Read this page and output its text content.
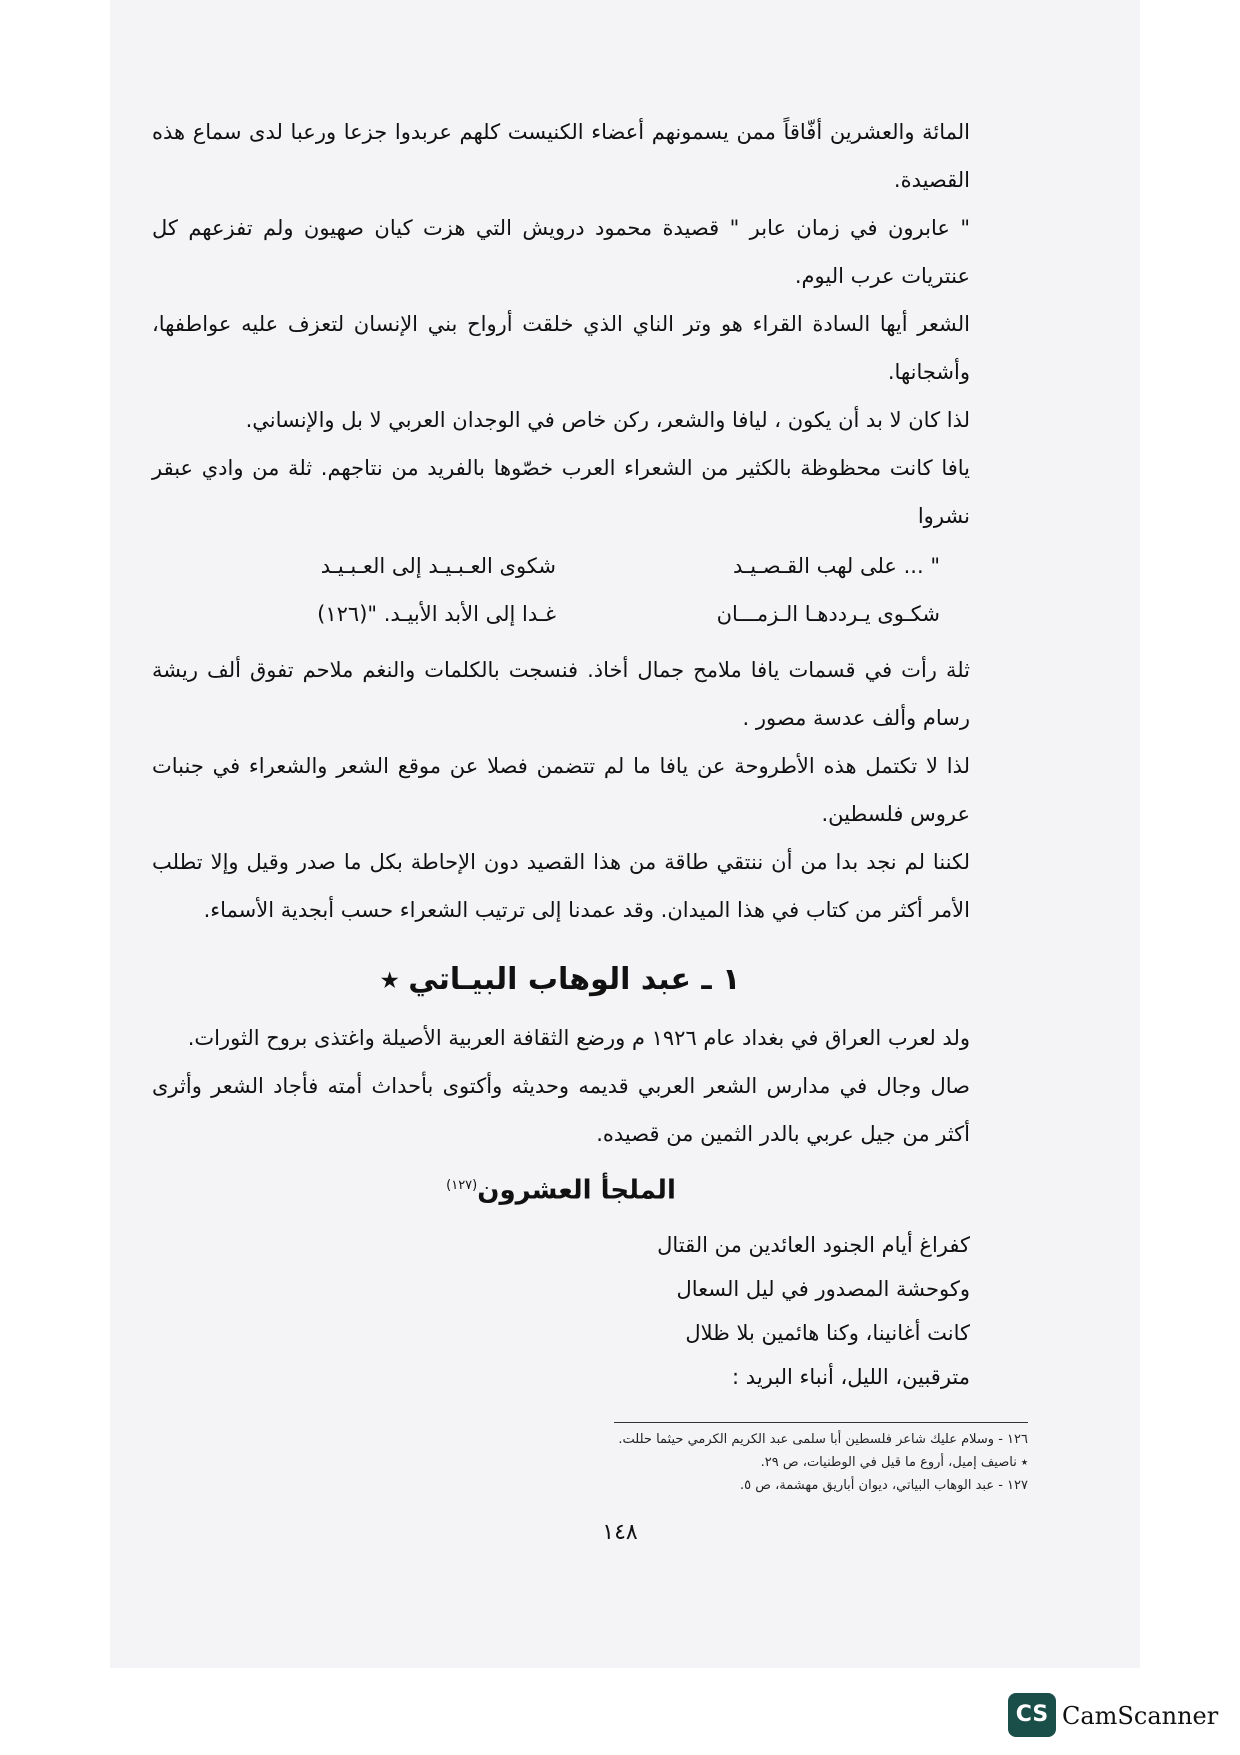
المائة والعشرين أفّاقاً ممن يسمونهم أعضاء الكنيست كلهم عربدوا جزعا ورعبا لدى سماع هذه القصيدة.

" عابرون في زمان عابر " قصيدة محمود درويش التي هزت كيان صهيون ولم تفزعهم كل عنتريات عرب اليوم.

الشعر أيها السادة القراء هو وتر الناي الذي خلقت أرواح بني الإنسان لتعزف عليه عواطفها، وأشجانها.

لذا كان لا بد أن يكون ، ليافا والشعر، ركن خاص في الوجدان العربي لا بل والإنساني.

يافا كانت محظوظة بالكثير من الشعراء العرب خصّوها بالفريد من نتاجهم. ثلة من وادي عبقر نشروا

" ... على لهب القـصـيـد
شكوى العـبـيـد إلى العـبـيـد
شكـوى يـرددهـا الـزمـــان
غـدا إلى الأبد الأبيـد. "(١٢٦)

ثلة رأت في قسمات يافا ملامح جمال أخاذ. فنسجت بالكلمات والنغم ملاحم تفوق ألف ريشة رسام وألف عدسة مصور .

لذا لا تكتمل هذه الأطروحة عن يافا ما لم تتضمن فصلا عن موقع الشعر والشعراء في جنبات عروس فلسطين.

لكننا لم نجد بدا من أن ننتقي طاقة من هذا القصيد دون الإحاطة بكل ما صدر وقيل وإلا تطلب الأمر أكثر من كتاب في هذا الميدان. وقد عمدنا إلى ترتيب الشعراء حسب أبجدية الأسماء.

١ ـ عبد الوهاب البيـاتي ⭑

ولد لعرب العراق في بغداد عام ١٩٢٦ م ورضع الثقافة العربية الأصيلة واغتذى بروح الثورات.

صال وجال في مدارس الشعر العربي قديمه وحديثه وأكتوى بأحداث أمته فأجاد الشعر وأثرى أكثر من جيل عربي بالدر الثمين من قصيده.

الملجأ العشرون$^{(١٢٧)}$
كفراغ أيام الجنود العائدين من القتال
وكوحشة المصدور في ليل السعال
كانت أغانينا، وكنا هائمين بلا ظلال
مترقبين، الليل، أنباء البريد :
١٢٦ - وسلام عليك شاعر فلسطين أبا سلمى عبد الكريم الكرمي حيثما حللت.
⭑ ناصيف إميل، أروع ما قيل في الوطنيات، ص ٢٩.
١٢٧ - عبد الوهاب البياتي، ديوان أباريق مهشمة، ص ٥.
١٤٨
CS CamScanner
